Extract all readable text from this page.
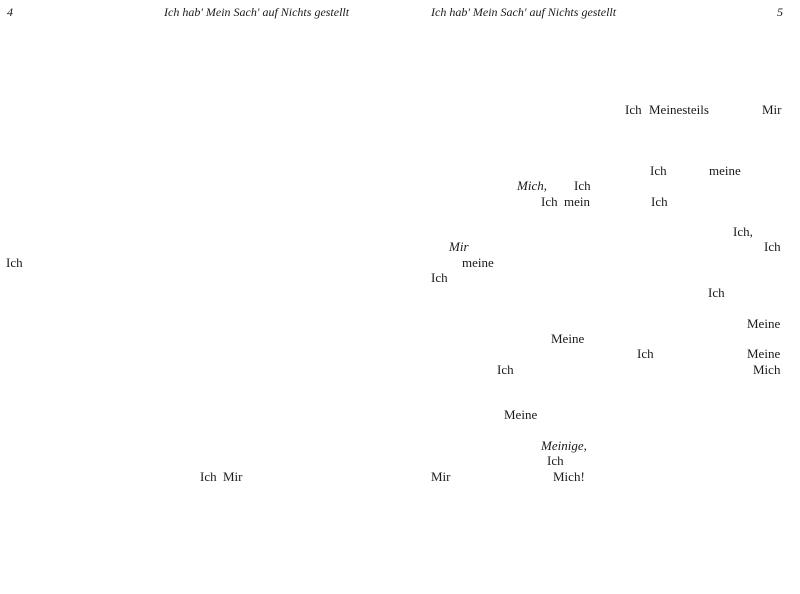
4	Ich hab' Mein Sach' auf Nichts gestellt
Ich
Ich Mir
Ich hab' Mein Sach' auf Nichts gestellt	5
Ich Meinesteils	Mir
Ich	meine
Mich, Ich
Ich mein	Ich
Ich,
Mir	Ich
meine
Ich
Ich
Meine
Meine
Ich	Meine
Ich	Mich
Meine
Meinige,
Ich
Mir	Mich!
